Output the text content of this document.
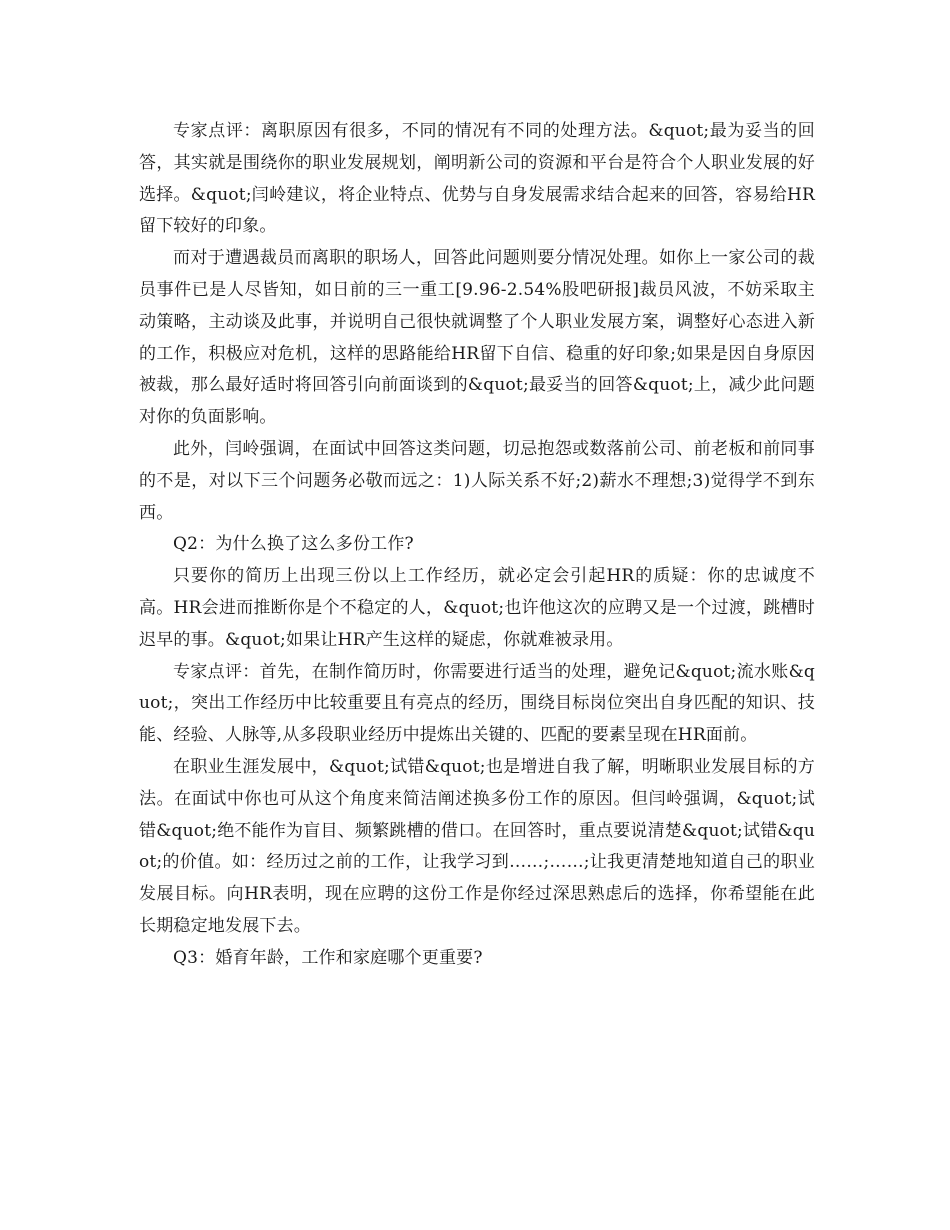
专家点评：离职原因有很多，不同的情况有不同的处理方法。&quot;最为妥当的回答，其实就是围绕你的职业发展规划，阐明新公司的资源和平台是符合个人职业发展的好选择。&quot;闫岭建议，将企业特点、优势与自身发展需求结合起来的回答，容易给HR留下较好的印象。

而对于遭遇裁员而离职的职场人，回答此问题则要分情况处理。如你上一家公司的裁员事件已是人尽皆知，如日前的三一重工[9.96-2.54%股吧研报]裁员风波，不妨采取主动策略，主动谈及此事，并说明自己很快就调整了个人职业发展方案，调整好心态进入新的工作，积极应对危机，这样的思路能给HR留下自信、稳重的好印象;如果是因自身原因被裁，那么最好适时将回答引向前面谈到的&quot;最妥当的回答&quot;上，减少此问题对你的负面影响。

此外，闫岭强调，在面试中回答这类问题，切忌抱怨或数落前公司、前老板和前同事的不是，对以下三个问题务必敬而远之：1)人际关系不好;2)薪水不理想;3)觉得学不到东西。

Q2：为什么换了这么多份工作?

只要你的简历上出现三份以上工作经历，就必定会引起HR的质疑：你的忠诚度不高。HR会进而推断你是个不稳定的人，&quot;也许他这次的应聘又是一个过渡，跳槽时迟早的事。&quot;如果让HR产生这样的疑虑，你就难被录用。

专家点评：首先，在制作简历时，你需要进行适当的处理，避免记&quot;流水账&quot;，突出工作经历中比较重要且有亮点的经历，围绕目标岗位突出自身匹配的知识、技能、经验、人脉等,从多段职业经历中提炼出关键的、匹配的要素呈现在HR面前。

在职业生涯发展中，&quot;试错&quot;也是增进自我了解，明晰职业发展目标的方法。在面试中你也可从这个角度来简洁阐述换多份工作的原因。但闫岭强调，&quot;试错&quot;绝不能作为盲目、频繁跳槽的借口。在回答时，重点要说清楚&quot;试错&quot;的价值。如：经历过之前的工作，让我学习到……;……;让我更清楚地知道自己的职业发展目标。向HR表明，现在应聘的这份工作是你经过深思熟虑后的选择，你希望能在此长期稳定地发展下去。

Q3：婚育年龄，工作和家庭哪个更重要?
